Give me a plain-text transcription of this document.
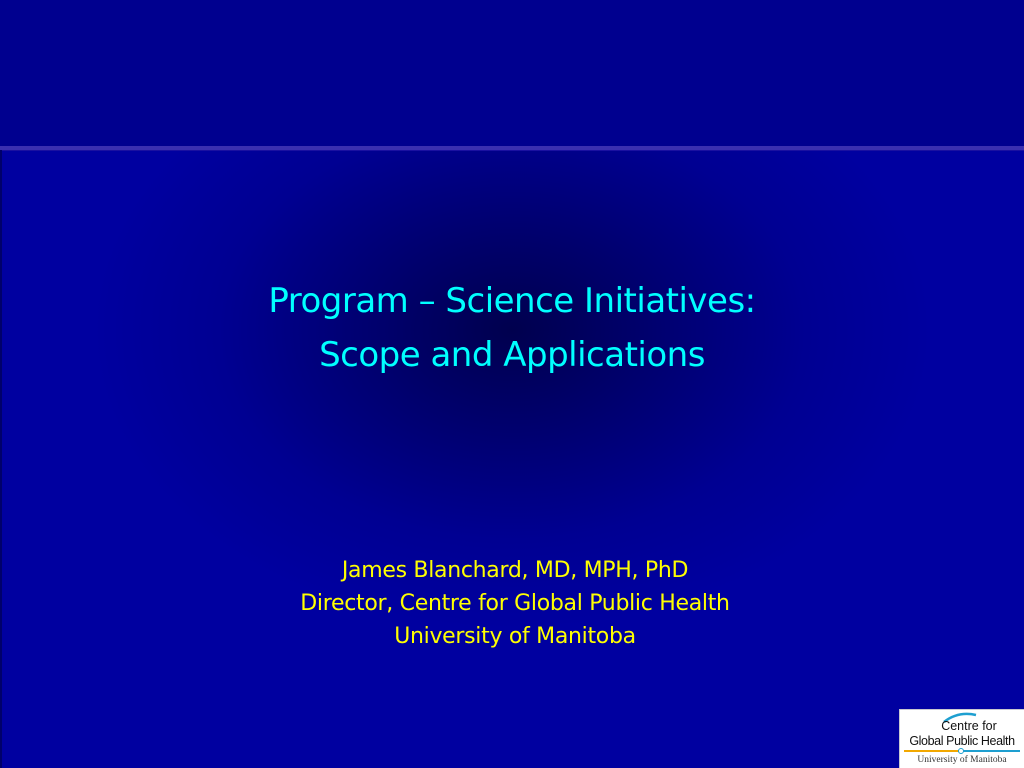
Program – Science Initiatives:
Scope and Applications
James Blanchard, MD, MPH, PhD
Director, Centre for Global Public Health
University of Manitoba
Centre for
Global Public Health
University of Manitoba
